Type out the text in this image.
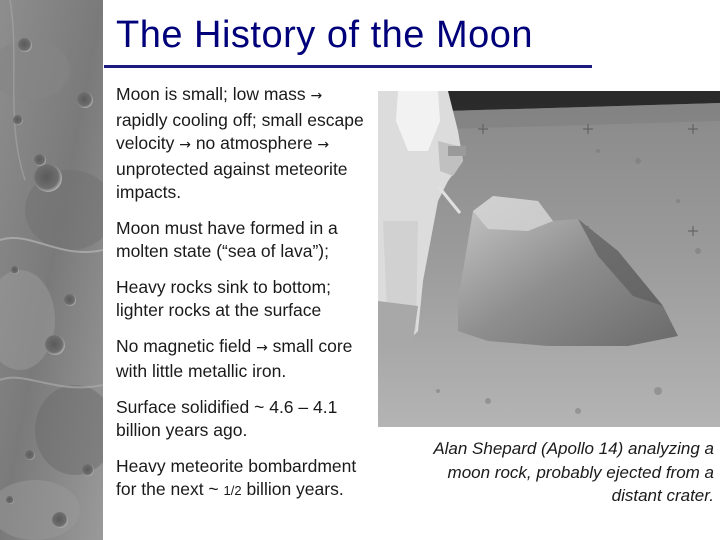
The History of the Moon

Moon is small; low mass → rapidly cooling off; small escape velocity → no atmosphere → unprotected against meteorite impacts.

Moon must have formed in a molten state (“sea of lava”);

Heavy rocks sink to bottom; lighter rocks at the surface

No magnetic field → small core with little metallic iron.

Surface solidified ~ 4.6 – 4.1 billion years ago.

Heavy meteorite bombardment for the next ~ 1/2 billion years.

Alan Shepard (Apollo 14) analyzing a moon rock, probably ejected from a distant crater.
